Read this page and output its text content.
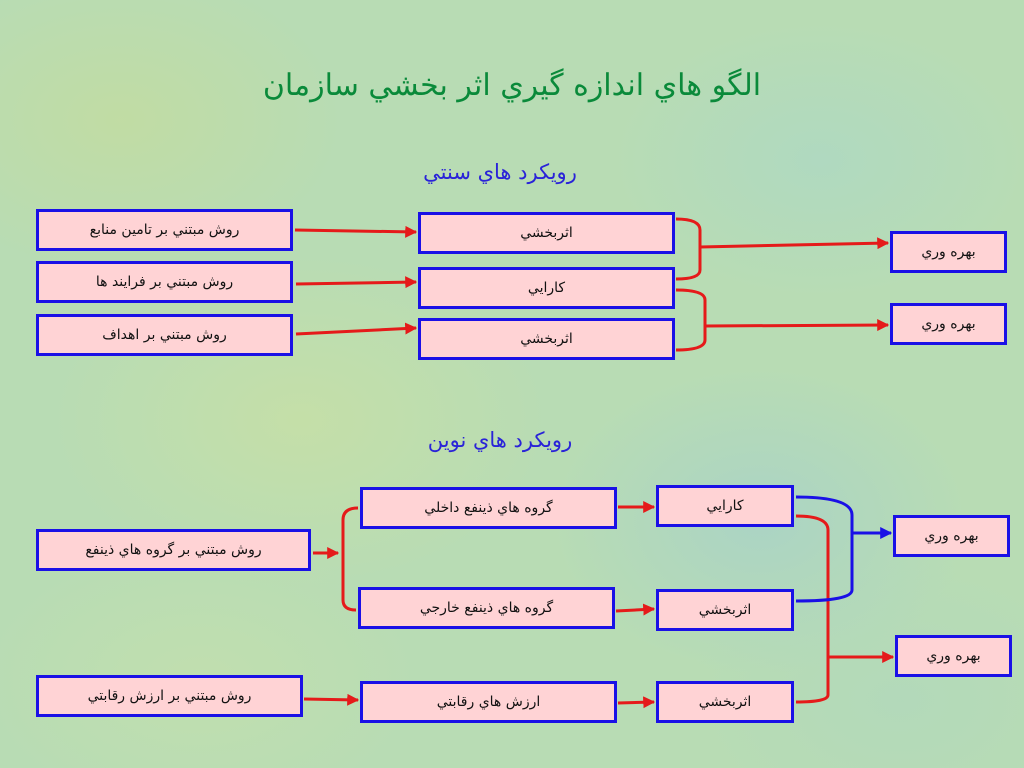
الگو هاي اندازه گيري اثر بخشي سازمان
رويكرد هاي سنتي
روش مبتني بر تامين منابع
روش مبتني بر فرايند ها
روش مبتني بر اهداف
اثربخشي
كارايي
اثربخشي
بهره وري
بهره وري
رويكرد هاي نوين
روش مبتني بر گروه هاي ذينفع
روش مبتني بر ارزش رقابتي
گروه هاي ذينفع داخلي
گروه هاي ذينفع خارجي
ارزش هاي رقابتي
كارايي
اثربخشي
اثربخشي
بهره وري
بهره وري
